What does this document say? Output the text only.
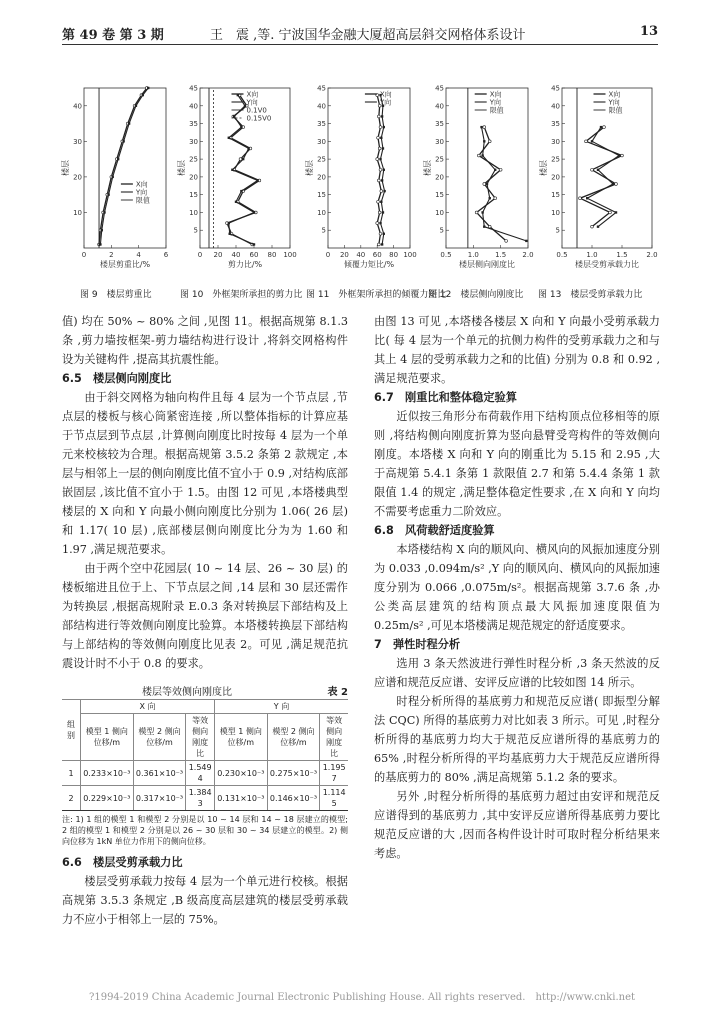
第 49 卷 第 3 期	王　震 ,等. 宁波国华金融大厦超高层斜交网格体系设计	13
0	2	4	6
10
20
30
40
楼层剪重比/%
楼层
X向
Y向
限值
0 20 40 60 80 100
5
10
15
20
25
30
35
40
45
剪力比/%
楼层
X向
Y向
0.1V0
0.15V0
0 20 40 60 80 100
5
10
15
20
25
30
35
40
45
倾覆力矩比/%
楼层
X向
Y向
0.5 1.0 1.5 2.0
5
10
15
20
25
30
35
40
45
楼层侧向刚度比
楼层
X向
Y向
限值
0.5	1.0	1.5	2.0
5
10
15
20
25
30
35
40
45
楼层受剪承载力比
楼层
X向
Y向
限值
图 9　楼层剪重比	图 10　外框架所承担的剪力比 图 11　外框架所承担的倾覆力矩比
图 12　楼层侧向刚度比 图 13　楼层受剪承载力比

值) 均在 50% ~ 80% 之间 ,见图 11。根据高规第 8.1.3 条 ,剪力墙按框架-剪力墙结构进行设计 ,将斜交网格构件设为关键构件 ,提高其抗震性能。

6.5　楼层侧向刚度比

由于斜交网格为轴向构件且每 4 层为一个节点层 ,节点层的楼板与核心筒紧密连接 ,所以整体指标的计算应基于节点层到节点层 ,计算侧向刚度比时按每 4 层为一个单元来校核较为合理。根据高规第 3.5.2 条第 2 款规定 ,本层与相邻上一层的侧向刚度比值不宜小于 0.9 ,对结构底部嵌固层 ,该比值不宜小于 1.5。由图 12 可见 ,本塔楼典型楼层的 X 向和 Y 向最小侧向刚度比分别为 1.06( 26 层) 和 1.17( 10 层) ,底部楼层侧向刚度比分为为 1.60 和 1.97 ,满足规范要求。

由于两个空中花园层( 10 ~ 14 层、26 ~ 30 层) 的楼板缩进且位于上、下节点层之间 ,14 层和 30 层还需作为转换层 ,根据高规附录 E.0.3 条对转换层下部结构及上部结构进行等效侧向刚度比验算。本塔楼转换层下部结构与上部结构的等效侧向刚度比见表 2。可见 ,满足规范抗震设计时不小于 0.8 的要求。

楼层等效侧向刚度比	表 2
组别	X 向			Y 向		
	模型 1 侧向位移/m	模型 2 侧向位移/m	等效侧向刚度比	模型 1 侧向位移/m	模型 2 侧向位移/m	等效侧向刚度比
1	0.233×10⁻³	0.361×10⁻³	1.549 4	0.230×10⁻³	0.275×10⁻³	1.195 7
2	0.229×10⁻³	0.317×10⁻³	1.384 3	0.131×10⁻³	0.146×10⁻³	1.114 5

注: 1) 1 组的模型 1 和模型 2 分别是以 10 ~ 14 层和 14 ~ 18 层建立的模型; 2 组的模型 1 和模型 2 分别是以 26 ~ 30 层和 30 ~ 34 层建立的模型。2) 侧向位移为 1kN 单位力作用下的侧向位移。

6.6　楼层受剪承载力比

楼层受剪承载力按每 4 层为一个单元进行校核。根据高规第 3.5.3 条规定 ,B 级高度高层建筑的楼层受剪承载力不应小于相邻上一层的 75%。

由图 13 可见 ,本塔楼各楼层 X 向和 Y 向最小受剪承载力比( 每 4 层为一个单元的抗侧力构件的受剪承载力之和与其上 4 层的受剪承载力之和的比值) 分别为 0.8 和 0.92 ,满足规范要求。

6.7　刚重比和整体稳定验算

近似按三角形分布荷载作用下结构顶点位移相等的原则 ,将结构侧向刚度折算为竖向悬臂受弯构件的等效侧向刚度。本塔楼 X 向和 Y 向的刚重比为 5.15 和 2.95 ,大于高规第 5.4.1 条第 1 款限值 2.7 和第 5.4.4 条第 1 款限值 1.4 的规定 ,满足整体稳定性要求 ,在 X 向和 Y 向均不需要考虑重力二阶效应。

6.8　风荷载舒适度验算

本塔楼结构 X 向的顺风向、横风向的风振加速度分别为 0.033 ,0.094m/s² ,Y 向的顺风向、横风向的风振加速度分别为 0.066 ,0.075m/s²。根据高规第 3.7.6 条 ,办公类高层建筑的结构顶点最大风振加速度限值为 0.25m/s² ,可见本塔楼满足规范规定的舒适度要求。

7　弹性时程分析

选用 3 条天然波进行弹性时程分析 ,3 条天然波的反应谱和规范反应谱、安评反应谱的比较如图 14 所示。

时程分析所得的基底剪力和规范反应谱( 即振型分解法 CQC) 所得的基底剪力对比如表 3 所示。可见 ,时程分析所得的基底剪力均大于规范反应谱所得的基底剪力的 65% ,时程分析所得的平均基底剪力大于规范反应谱所得的基底剪力的 80% ,满足高规第 5.1.2 条的要求。

另外 ,时程分析所得的基底剪力超过由安评和规范反应谱得到的基底剪力 ,其中安评反应谱所得基底剪力要比规范反应谱的大 ,因而各构件设计时可取时程分析结果来考虑。

?1994-2019 China Academic Journal Electronic Publishing House. All rights reserved.　http://www.cnki.net
